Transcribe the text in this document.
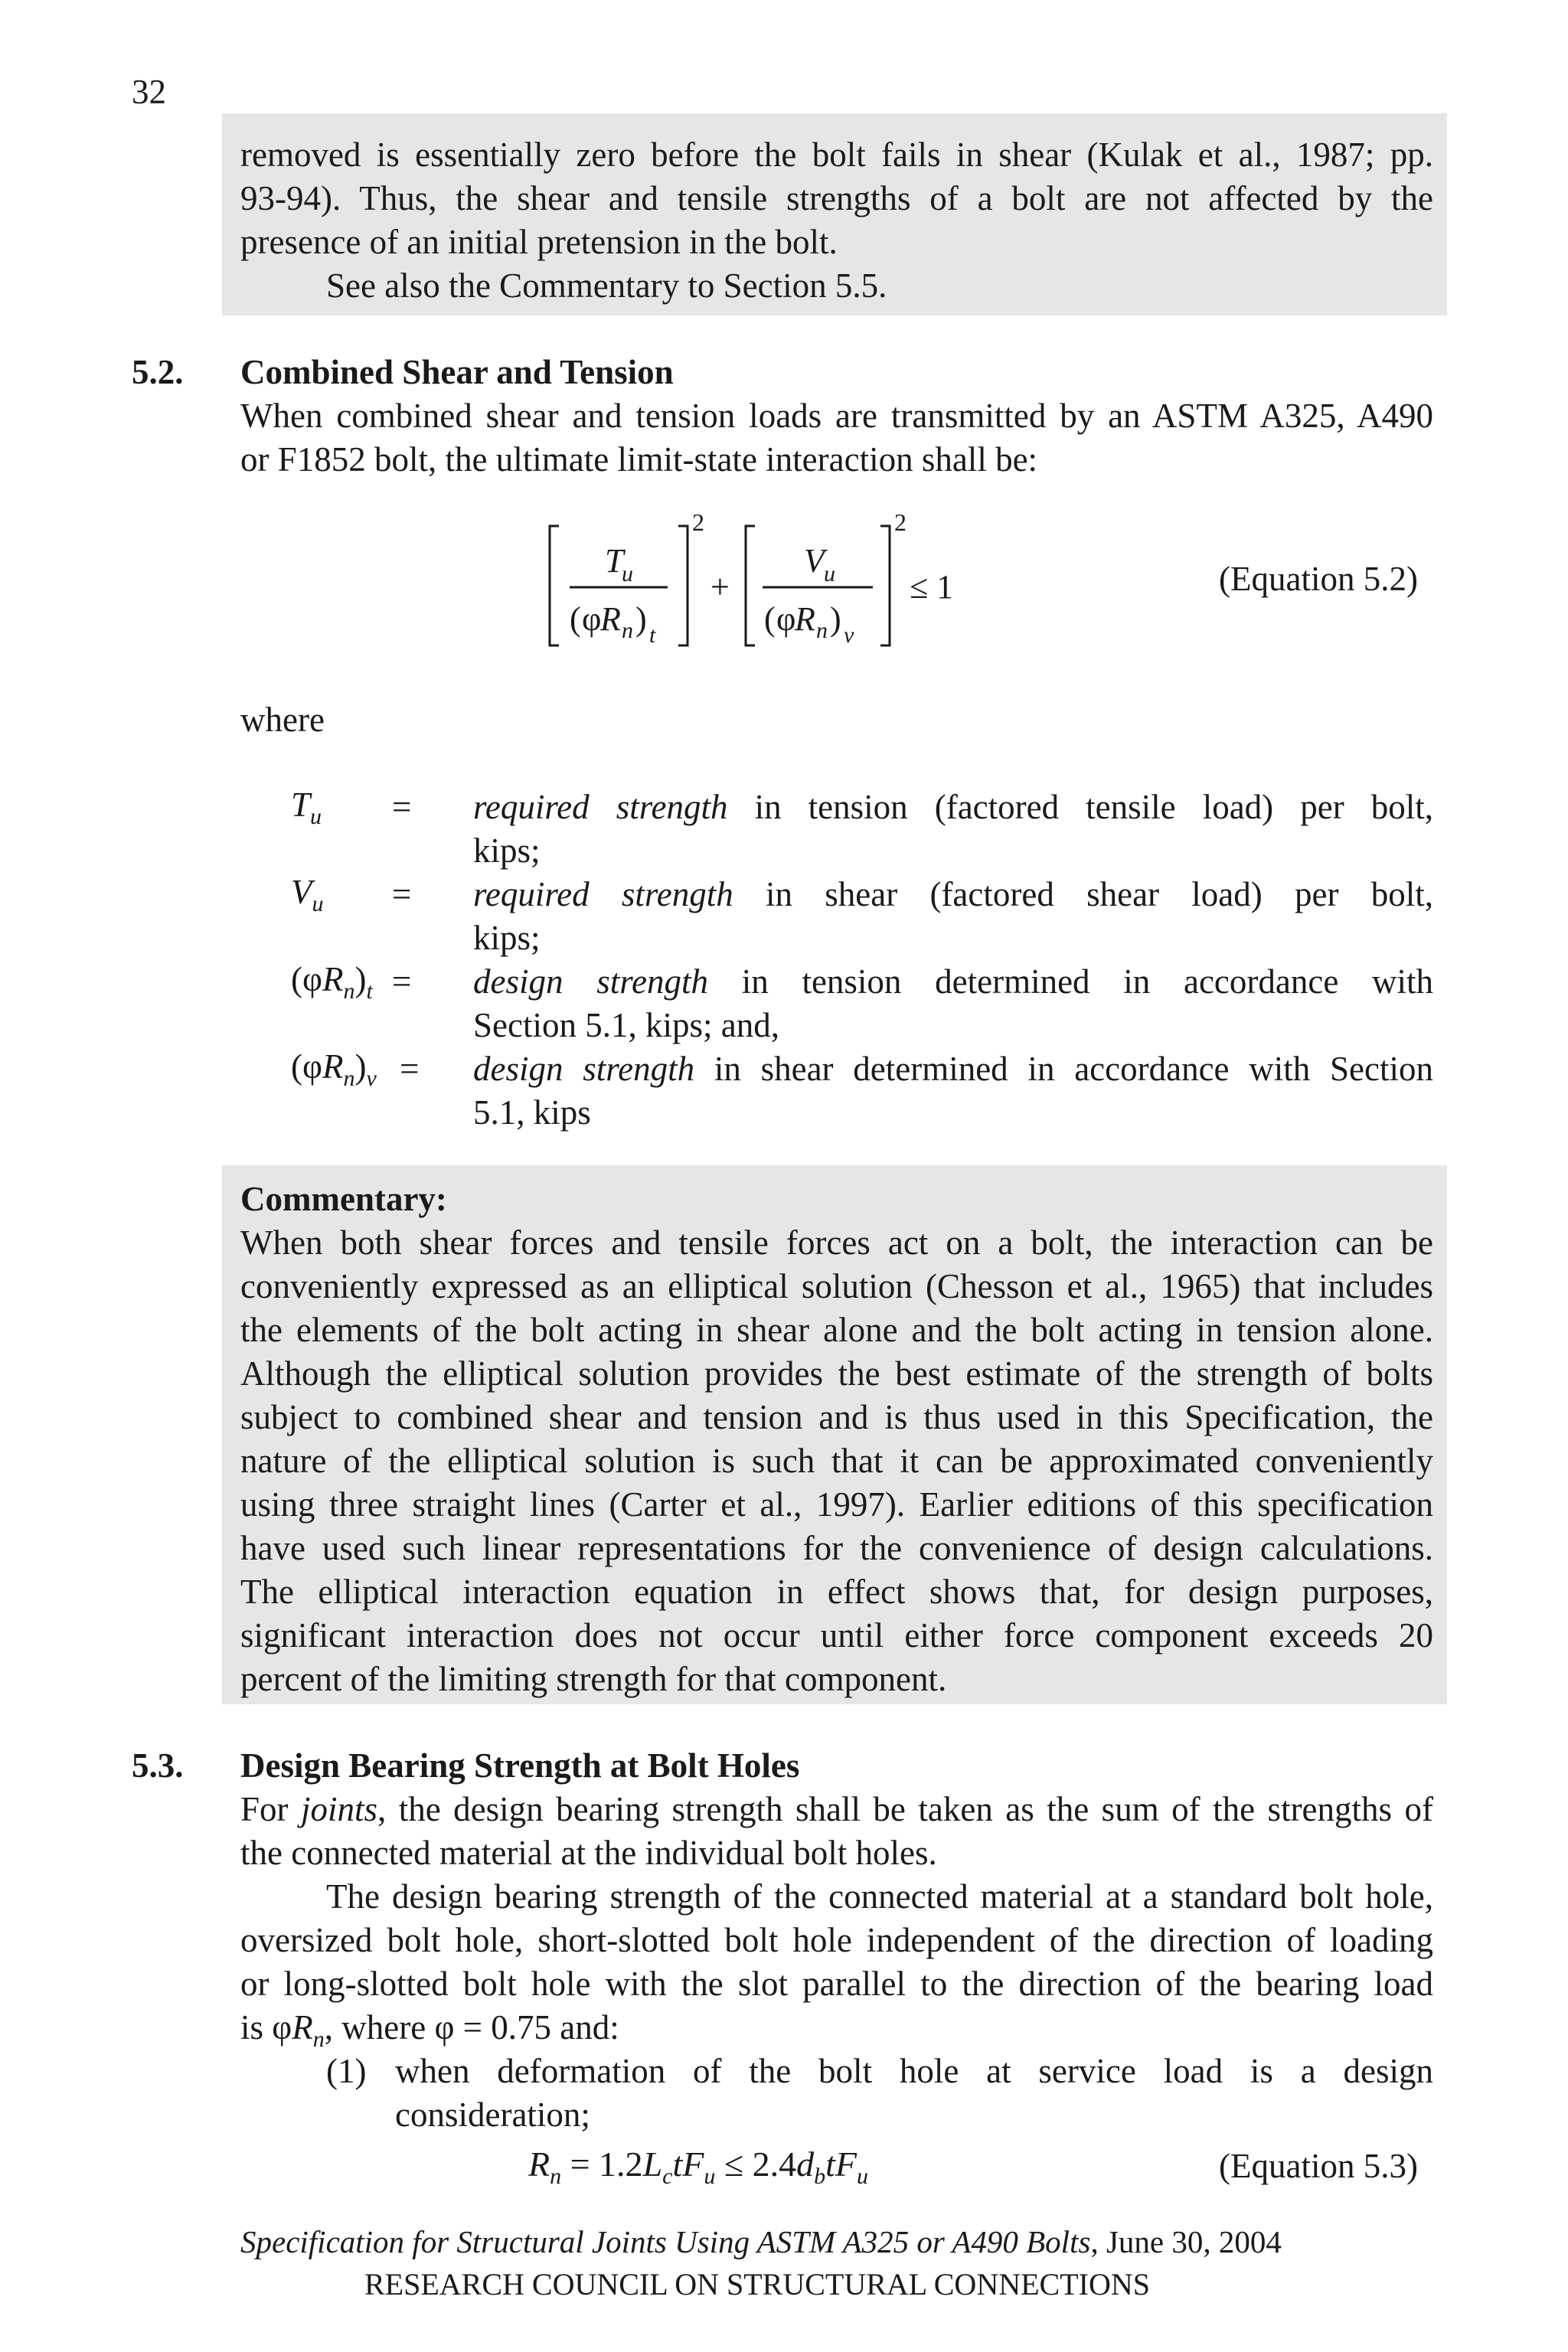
32
removed is essentially zero before the bolt fails in shear (Kulak et al., 1987; pp.
93-94). Thus, the shear and tensile strengths of a bolt are not affected by the
presence of an initial pretension in the bolt.
See also the Commentary to Section 5.5.
5.2. Combined Shear and Tension
When combined shear and tension loads are transmitted by an ASTM A325, A490
or F1852 bolt, the ultimate limit-state interaction shall be:
T
u
( φ
R n ) t
2
+
V u
( φ
R n ) v
2
≤ 1	(Equation 5.2)
where
$T_u$ = required strength in tension (factored tensile load) per bolt,
kips;
$V_u$ = required strength in shear (factored shear load) per bolt,
kips;
$(\varphi R_n)_t$ = design strength in tension determined in accordance with
Section 5.1, kips; and,
$(\varphi R_n)_v$ = design strength in shear determined in accordance with Section
5.1, kips
Commentary:
When both shear forces and tensile forces act on a bolt, the interaction can be
conveniently expressed as an elliptical solution (Chesson et al., 1965) that includes
the elements of the bolt acting in shear alone and the bolt acting in tension alone.
Although the elliptical solution provides the best estimate of the strength of bolts
subject to combined shear and tension and is thus used in this Specification, the
nature of the elliptical solution is such that it can be approximated conveniently
using three straight lines (Carter et al., 1997). Earlier editions of this specification
have used such linear representations for the convenience of design calculations.
The elliptical interaction equation in effect shows that, for design purposes,
significant interaction does not occur until either force component exceeds 20
percent of the limiting strength for that component.
5.3. Design Bearing Strength at Bolt Holes
For joints, the design bearing strength shall be taken as the sum of the strengths of
the connected material at the individual bolt holes.
The design bearing strength of the connected material at a standard bolt hole,
oversized bolt hole, short-slotted bolt hole independent of the direction of loading
or long-slotted bolt hole with the slot parallel to the direction of the bearing load
is $\varphi R_n$, where φ = 0.75 and:
(1) when deformation of the bolt hole at service load is a design
consideration;
$R_n = 1.2L_ctF_u \le 2.4d_btF_u$	(Equation 5.3)
Specification for Structural Joints Using ASTM A325 or A490 Bolts, June 30, 2004
RESEARCH COUNCIL ON STRUCTURAL CONNECTIONS
